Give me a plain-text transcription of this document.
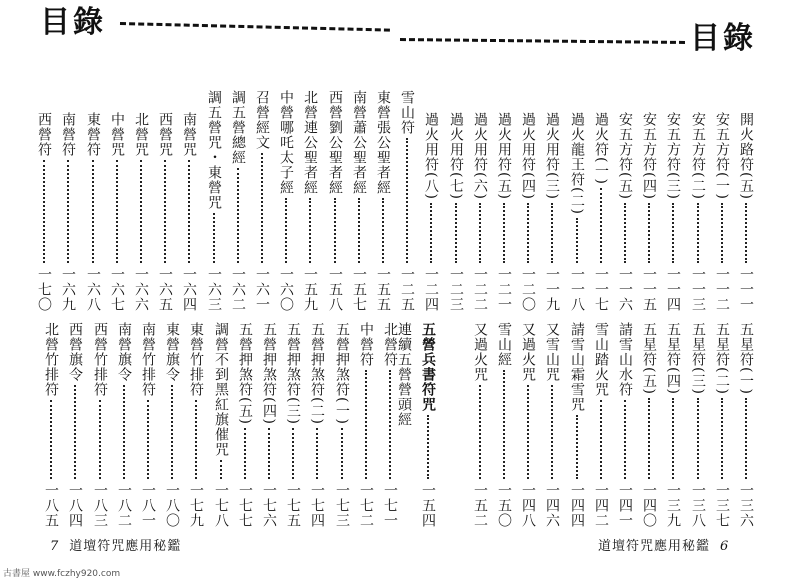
目錄	目錄
開火路符(五)
一一一
安五方符(一)
一一二
安五方符(二)
一一三
安五方符(三)
一一四
安五方符(四)
一一五
安五方符(五)
一一六
過火符(一)
一一七
過火龍王符(二)
一一八
過火用符(三)
一一九
過火用符(四)
一二〇
過火用符(五)
一二一
過火用符(六)
一二二
過火用符(七)
一二三
過火用符(八)
一二四
雪山符
一二五
東營張公聖者經
一五五
南營蕭公聖者經
一五七
西營劉公聖者經
一五八
北營連公聖者經
一五九
中營哪吒太子經
一六〇
召營經文
一六一
調五營總經
一六二
調五營咒・東營咒
一六三
南營咒
一六四
西營咒
一六五
北營咒
一六六
中營咒
一六七
東營符
一六八
南營符
一六九
西營符
一七〇
五星符(一)
一三六
五星符(二)
一三七
五星符(三)
一三八
五星符(四)
一三九
五星符(五)
一四〇
請雪山水符
一四一
雪山踏火咒
一四二
請雪山霜雪咒
一四四
又雪山咒
一四六
又過火咒
一四八
雪山經
一五〇
又過火咒
一五二
五營兵書符咒
一五四
連續五營營頭經
北營符
一七一
中營符
一七二
五營押煞符(一)
一七三
五營押煞符(二)
一七四
五營押煞符(三)
一七五
五營押煞符(四)
一七六
五營押煞符(五)
一七七
調營不到黑紅旗催咒
一七八
東營竹排符
一七九
東營旗令
一八〇
南營竹排符
一八一
南營旗令
一八二
西營竹排符
一八三
西營旗令
一八四
北營竹排符
一八五
7 道壇符咒應用秘鑑	道壇符咒應用秘鑑 6
古書屋 www.fczhy920.com
